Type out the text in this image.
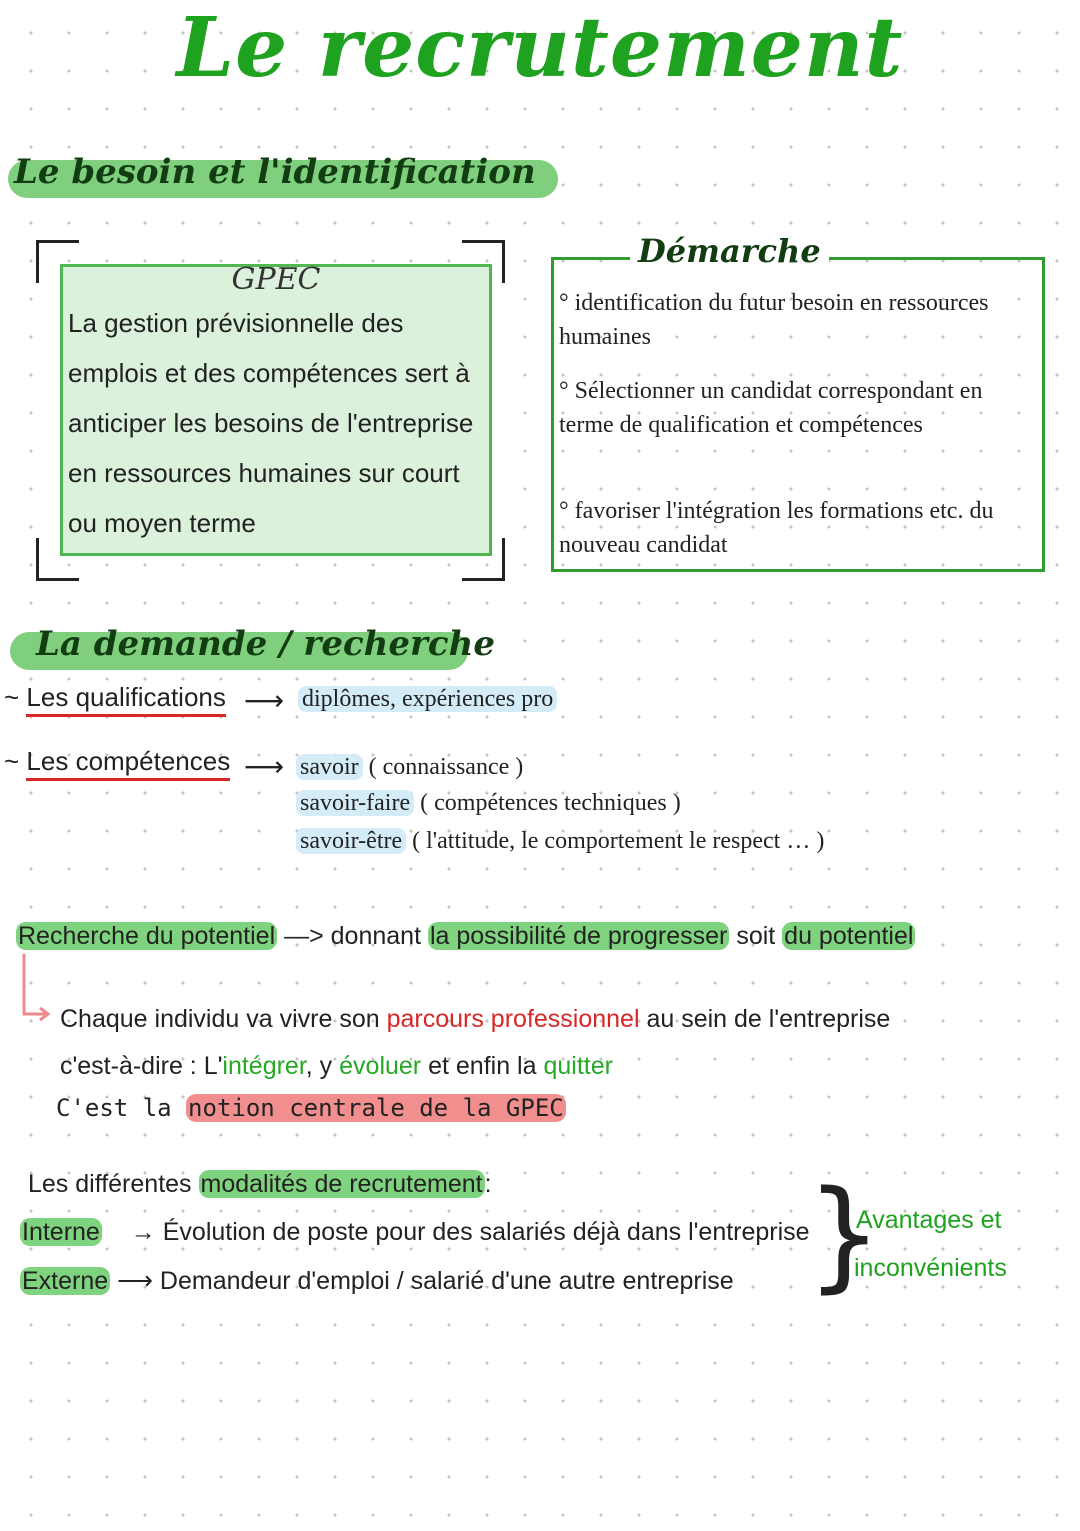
Le recrutement
Le besoin et l'identification
GPEC
La gestion prévisionnelle des emplois et des compétences sert à anticiper les besoins de l'entreprise en ressources humaines sur court ou moyen terme
Démarche
° identification du futur besoin en ressources humaines
° Sélectionner un candidat correspondant en terme de qualification et compétences
° favoriser l'intégration les formations etc. du nouveau candidat
La demande / recherche
~ Les qualifications ⟶ diplômes, expériences pro
~ Les compétences ⟶ savoir ( connaissance )
savoir-faire ( compétences techniques )
savoir-être ( l'attitude, le comportement le respect … )
Recherche du potentiel —> donnant la possibilité de progresser soit du potentiel
Chaque individu va vivre son parcours professionnel au sein de l'entreprise
c'est-à-dire : L'intégrer, y évoluer et enfin la quitter
C'est la notion centrale de la GPEC
Les différentes modalités de recrutement:
Interne → Évolution de poste pour des salariés déjà dans l'entreprise
Externe ⟶ Demandeur d'emploi / salarié d'une autre entreprise }
Avantages et
inconvénients
